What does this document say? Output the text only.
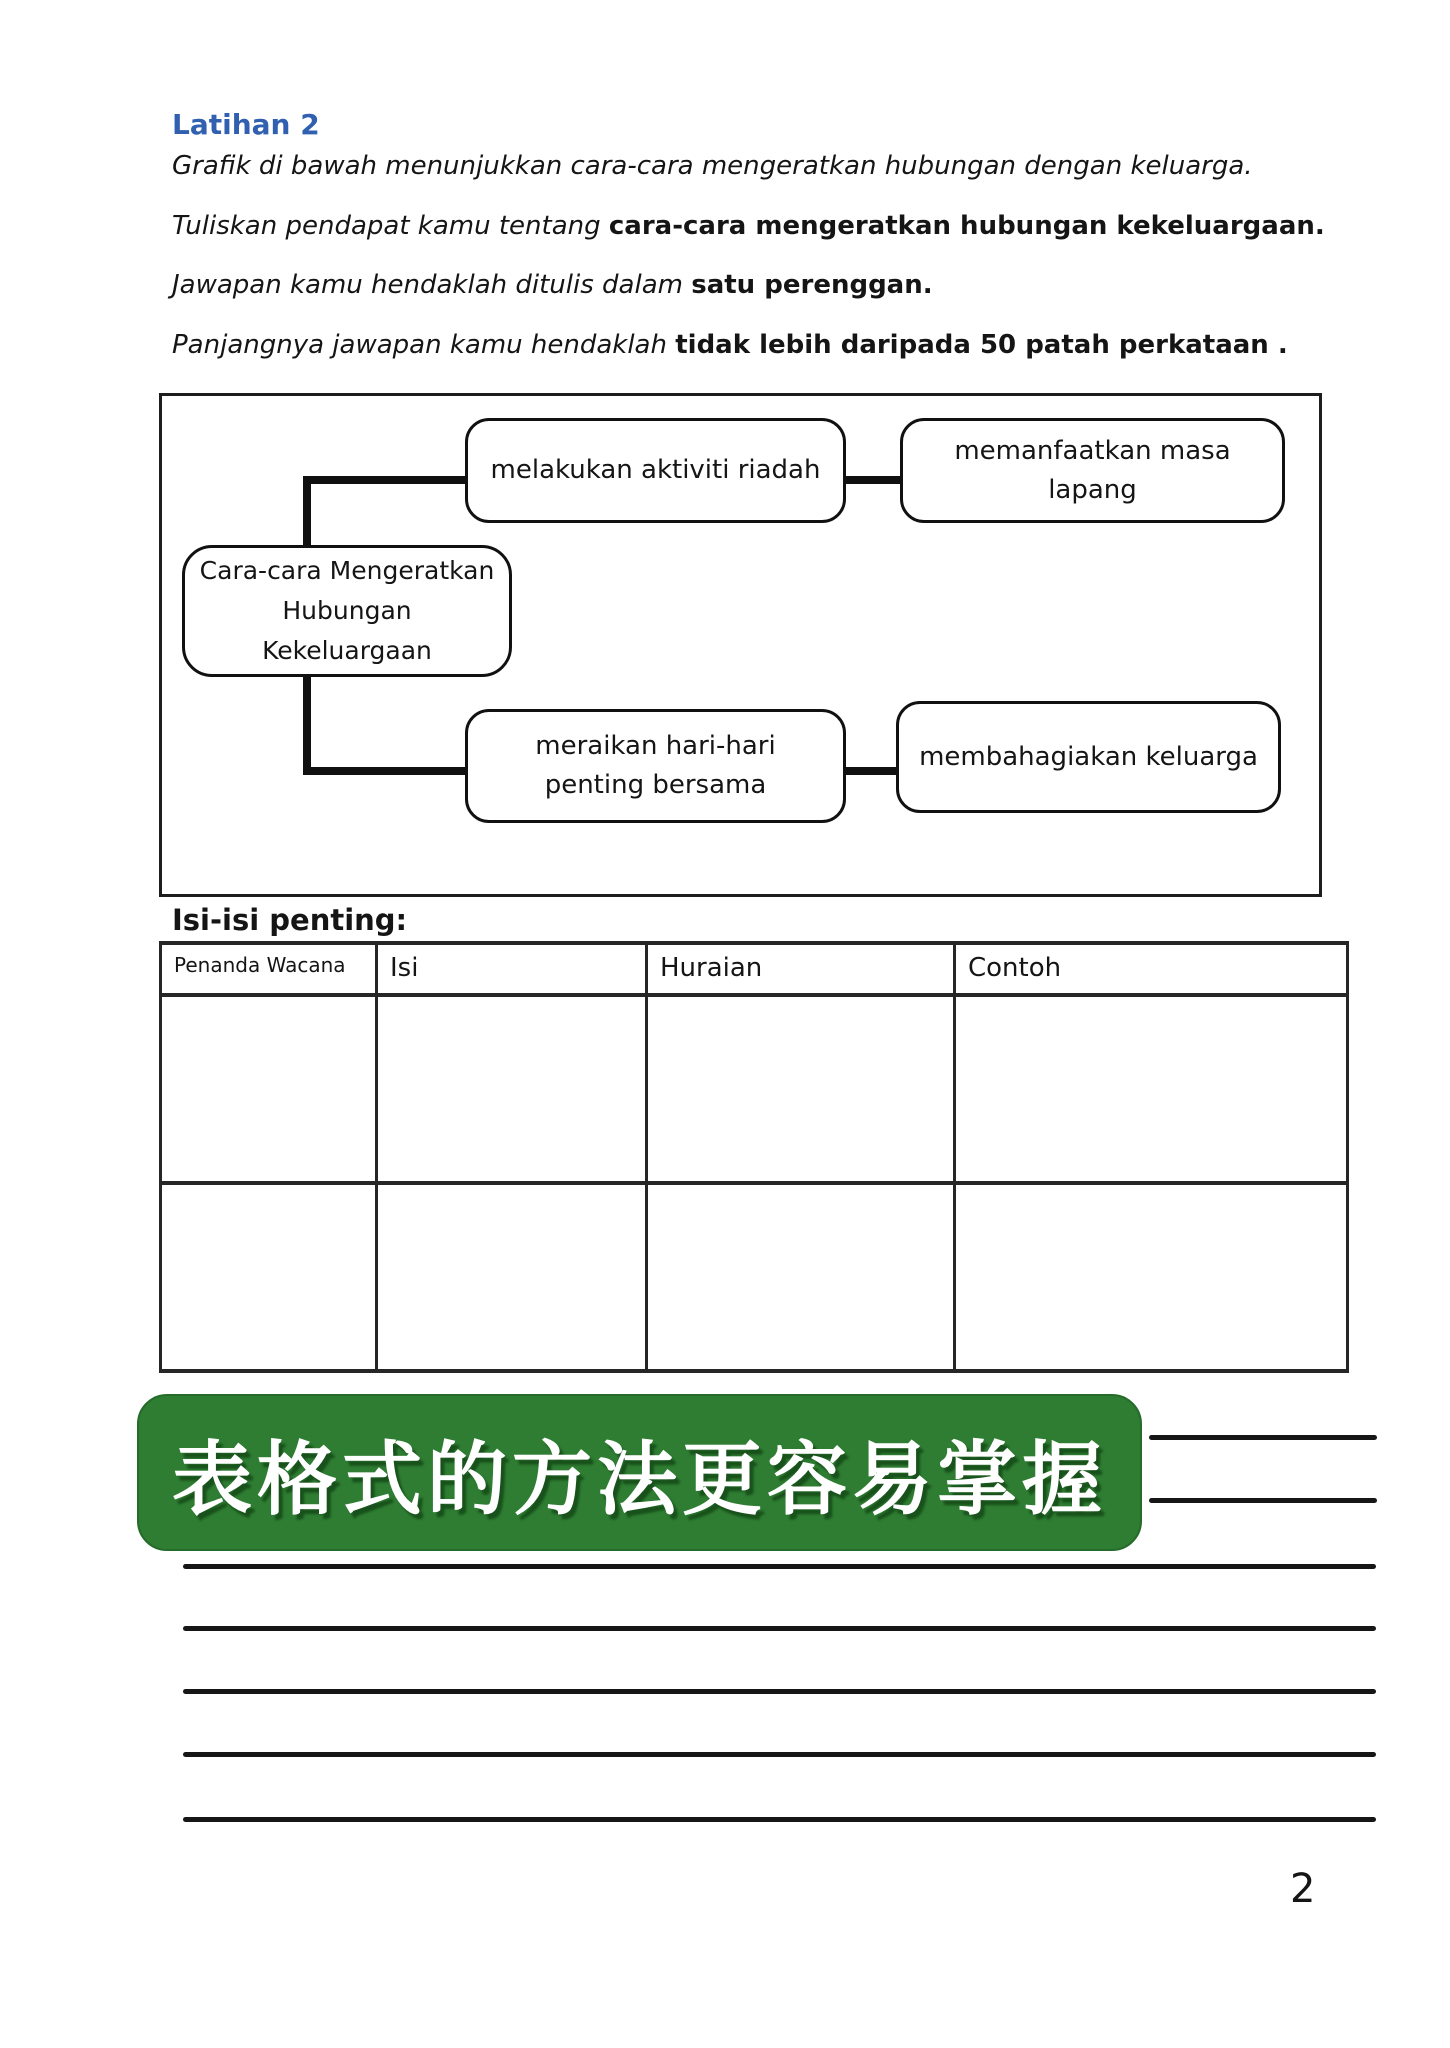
Latihan 2
Grafik di bawah menunjukkan cara-cara mengeratkan hubungan dengan keluarga.
Tuliskan pendapat kamu tentang cara-cara mengeratkan hubungan kekeluargaan.
Jawapan kamu hendaklah ditulis dalam satu perenggan.
Panjangnya jawapan kamu hendaklah tidak lebih daripada 50 patah perkataan .
Cara-cara Mengeratkan Hubungan Kekeluargaan
melakukan aktiviti riadah
memanfaatkan masa lapang
meraikan hari-hari penting bersama
membahagiakan keluarga
Isi-isi penting:
Penanda Wacana	Isi	Huraian	Contoh

表格式的方法更容易掌握
2
